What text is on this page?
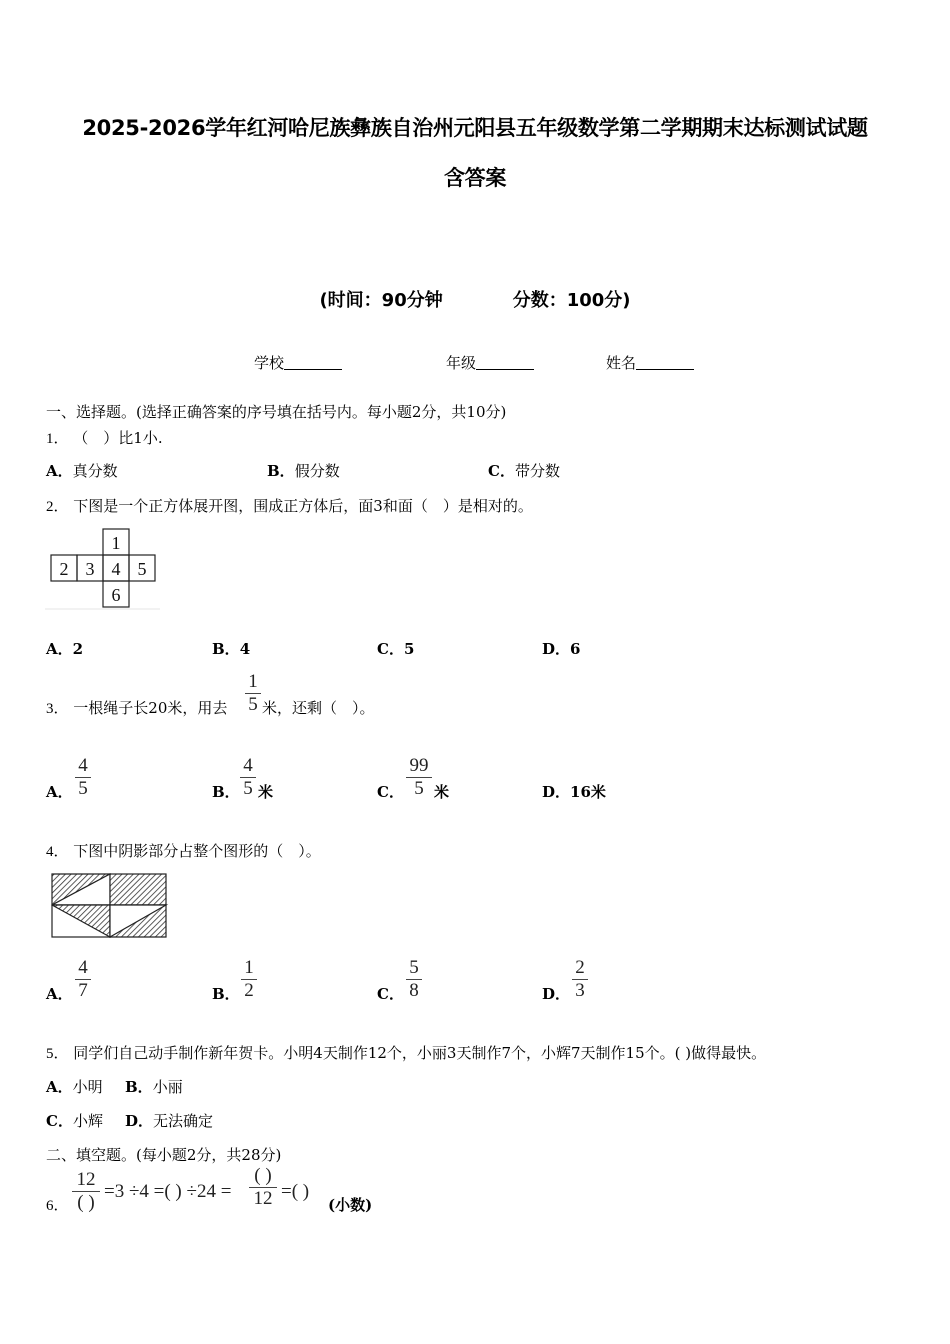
2025-2026学年红河哈尼族彝族自治州元阳县五年级数学第二学期期末达标测试试题
含答案
(时间：90分钟	分数：100分)
学校	年级	姓名
一、选择题。(选择正确答案的序号填在括号内。每小题2分，共10分)
1． （　）比1小.
A．真分数	B．假分数	C．带分数
2． 下图是一个正方体展开图，围成正方体后，面3和面（　）是相对的。
1
2 3 4 5
6
A．2	B．4	C．5	D．6
3． 一根绳子长20米，用去
1
5 米，还剩（　）。
A．
4
5	B．
4
5 米	C．
99
5 米	D．16米
4． 下图中阴影部分占整个图形的（　）。
A．
4
7	B．
1
2	C．
5
8	D．
2
3
5． 同学们自己动手制作新年贺卡。小明4天制作12个，小丽3天制作7个，小辉7天制作15个。( )做得最快。
A．小明 B．小丽
C．小辉 D．无法确定
二、填空题。(每小题2分，共28分)
6．
12
( )
=3 ÷4 =( ) ÷24 =
( )
12 =( )
(小数)
